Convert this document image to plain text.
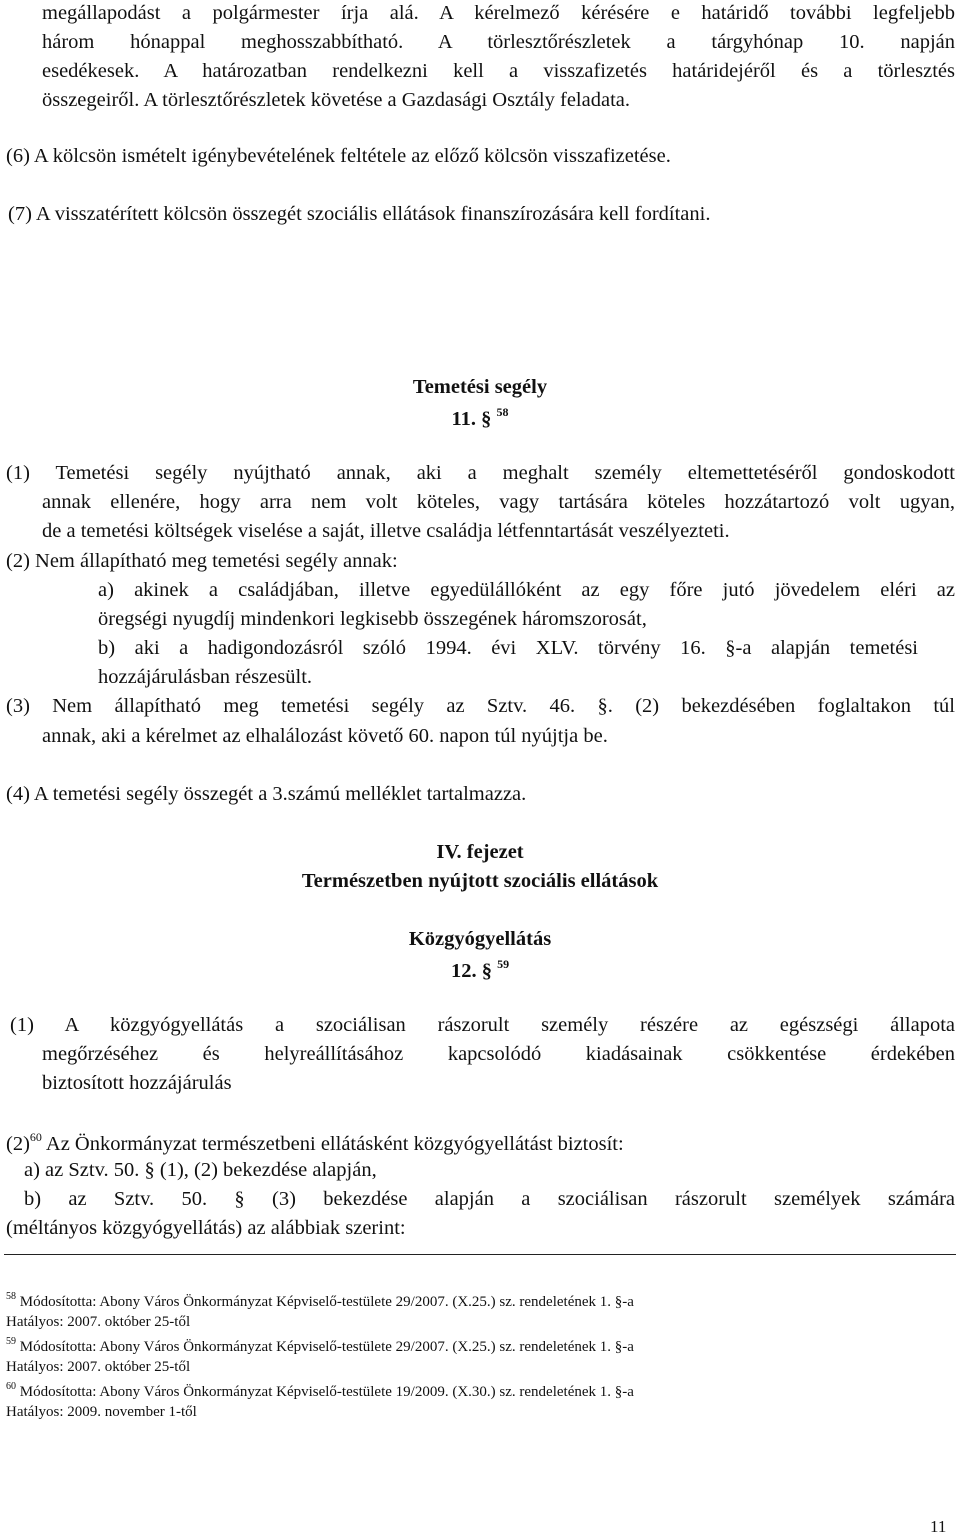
megállapodást a polgármester írja alá. A kérelmező kérésére e határidő további legfeljebb
három hónappal meghosszabbítható. A törlesztőrészletek a tárgyhónap 10. napján
esedékesek. A határozatban rendelkezni kell a visszafizetés határidejéről és a törlesztés
összegeiről. A törlesztőrészletek követése a Gazdasági Osztály feladata.
(6) A kölcsön ismételt igénybevételének feltétele az előző kölcsön visszafizetése.
(7) A visszatérített kölcsön összegét szociális ellátások finanszírozására kell fordítani.
Temetési segély
11. § $^{58}$
(1) Temetési segély nyújtható annak, aki a meghalt személy eltemettetéséről gondoskodott
annak ellenére, hogy arra nem volt köteles, vagy tartására köteles hozzátartozó volt ugyan,
de a temetési költségek viselése a saját, illetve családja létfenntartását veszélyezteti.
(2) Nem állapítható meg temetési segély annak:
a) akinek a családjában, illetve egyedülállóként az egy főre jutó jövedelem eléri az
öregségi nyugdíj mindenkori legkisebb összegének háromszorosát,
b) aki a hadigondozásról szóló 1994. évi XLV. törvény 16. §-a alapján temetési
hozzájárulásban részesült.
(3) Nem állapítható meg temetési segély az Sztv. 46. §. (2) bekezdésében foglaltakon túl
annak, aki a kérelmet az elhalálozást követő 60. napon túl nyújtja be.
(4) A temetési segély összegét a 3.számú melléklet tartalmazza.
IV. fejezet
Természetben nyújtott szociális ellátások
Közgyógyellátás
12. § $^{59}$
(1) A közgyógyellátás a szociálisan rászorult személy részére az egészségi állapota
megőrzéséhez és helyreállításához kapcsolódó kiadásainak csökkentése érdekében
biztosított hozzájárulás
$(2)^{60}$ Az Önkormányzat természetbeni ellátásként közgyógyellátást biztosít:
a) az Sztv. 50. § (1), (2) bekezdése alapján,
b) az Sztv. 50. § (3) bekezdése alapján a szociálisan rászorult személyek számára
(méltányos közgyógyellátás) az alábbiak szerint:
$^{58}$ Módosította: Abony Város Önkormányzat Képviselő-testülete 29/2007. (X.25.) sz. rendeletének 1. §-a
Hatályos: 2007. október 25-től
$^{59}$ Módosította: Abony Város Önkormányzat Képviselő-testülete 29/2007. (X.25.) sz. rendeletének 1. §-a
Hatályos: 2007. október 25-től
$^{60}$ Módosította: Abony Város Önkormányzat Képviselő-testülete 19/2009. (X.30.) sz. rendeletének 1. §-a
Hatályos: 2009. november 1-től
11
